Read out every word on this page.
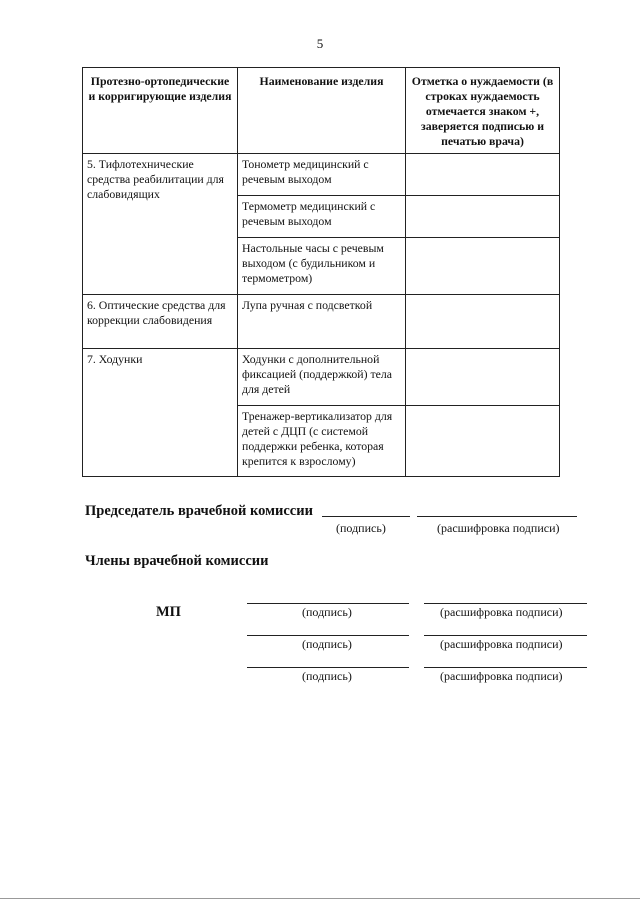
5
Протезно-ортопедические и корригирующие изделия	Наименование изделия	Отметка о нуждаемости (в строках нуждаемость отмечается знаком +, заверяется подписью и печатью врача)
5. Тифлотехнические средства реабилитации для слабовидящих	Тонометр медицинский с речевым выходом	
	Термометр медицинский с речевым выходом	
	Настольные часы с речевым выходом (с будильником и термометром)	
6. Оптические средства для коррекции слабовидения	Лупа ручная с подсветкой	
7. Ходунки	Ходунки с дополнительной фиксацией (поддержкой) тела для детей	
	Тренажер-вертикализатор для детей с ДЦП (с системой поддержки ребенка, которая крепится к взрослому)	
Председатель врачебной комиссии
(подпись)	(расшифровка подписи)
Члены врачебной комиссии
МП	(подпись)	(расшифровка подписи)
(подпись)	(расшифровка подписи)
(подпись)	(расшифровка подписи)
